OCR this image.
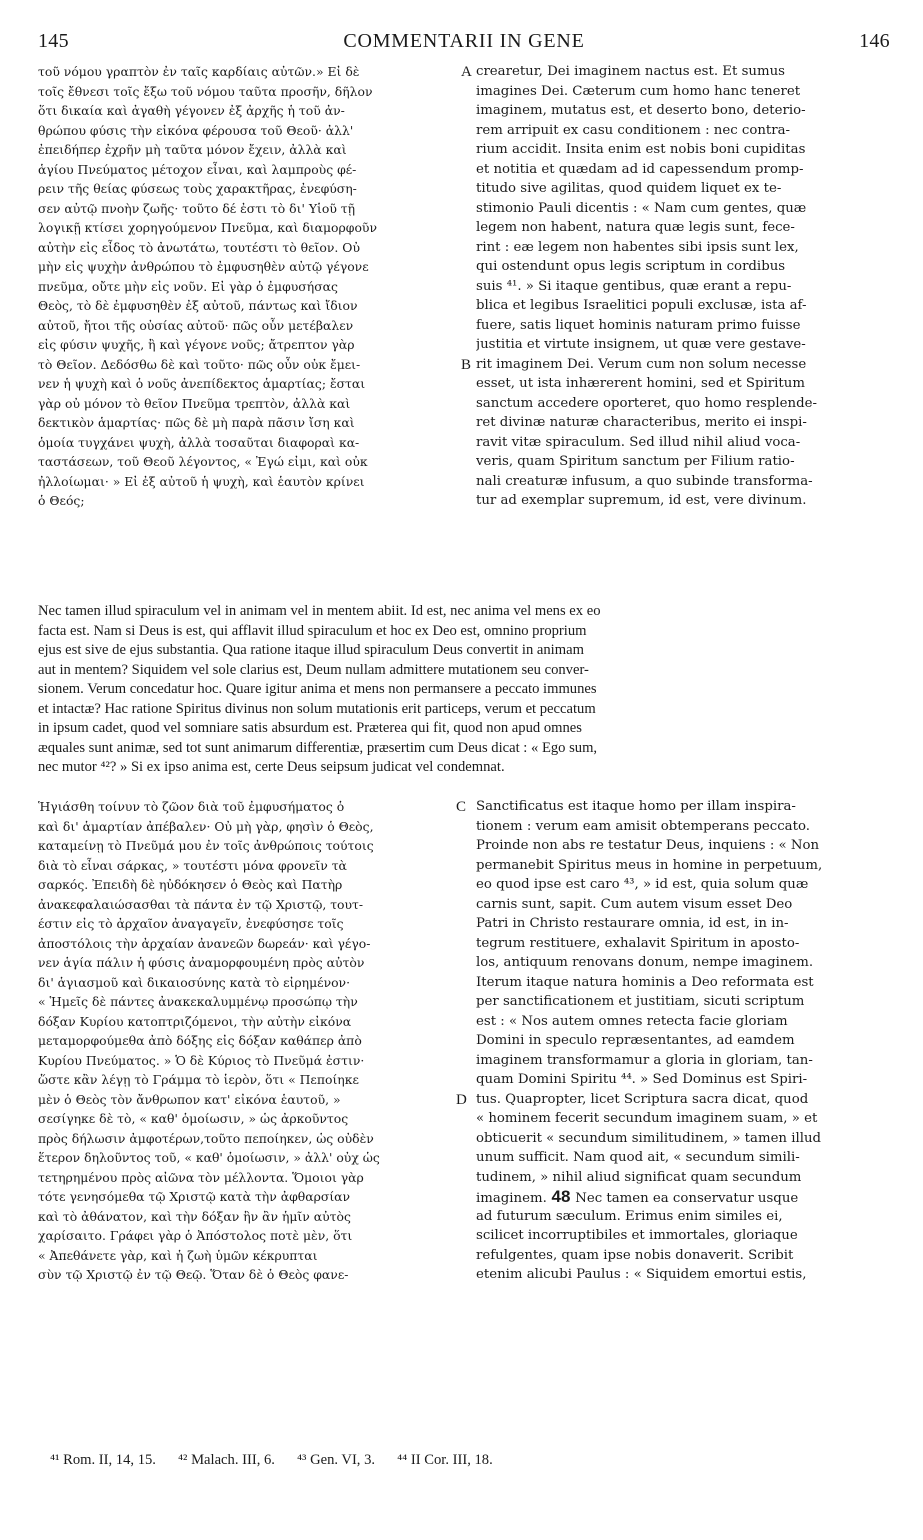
145	COMMENTARII IN GENE	146
τοῦ νόμου γραπτὸν ἐν ταῖς καρδίαις αὐτῶν.» Εἰ δὲ
τοῖς ἔθνεσι τοῖς ἔξω τοῦ νόμου ταῦτα προσῆν, δῆλον
ὅτι δικαία καὶ ἀγαθὴ γέγονεν ἐξ ἀρχῆς ἡ τοῦ ἀν-
θρώπου φύσις τὴν εἰκόνα φέρουσα τοῦ Θεοῦ· ἀλλ'
ἐπειδήπερ ἐχρῆν μὴ ταῦτα μόνον ἔχειν, ἀλλὰ καὶ
ἁγίου Πνεύματος μέτοχον εἶναι, καὶ λαμπροὺς φέ-
ρειν τῆς θείας φύσεως τοὺς χαρακτῆρας, ἐνεφύση-
σεν αὐτῷ πνοὴν ζωῆς· τοῦτο δέ ἐστι τὸ δι' Υἱοῦ τῇ
λογικῇ κτίσει χορηγούμενον Πνεῦμα, καὶ διαμορφοῦν
αὐτὴν εἰς εἶδος τὸ ἀνωτάτω, τουτέστι τὸ θεῖον. Οὐ
μὴν εἰς ψυχὴν ἀνθρώπου τὸ ἐμφυσηθὲν αὐτῷ γέγονε
πνεῦμα, οὔτε μὴν εἰς νοῦν. Εἰ γὰρ ὁ ἐμφυσήσας
Θεὸς, τὸ δὲ ἐμφυσηθὲν ἐξ αὐτοῦ, πάντως καὶ ἴδιον
αὐτοῦ, ἤτοι τῆς οὐσίας αὐτοῦ· πῶς οὖν μετέβαλεν
εἰς φύσιν ψυχῆς, ἢ καὶ γέγονε νοῦς; ἄτρεπτον γὰρ
τὸ Θεῖον. Δεδόσθω δὲ καὶ τοῦτο· πῶς οὖν οὐκ ἔμει-
νεν ἡ ψυχὴ καὶ ὁ νοῦς ἀνεπίδεκτος ἁμαρτίας; ἔσται
γὰρ οὐ μόνον τὸ θεῖον Πνεῦμα τρεπτὸν, ἀλλὰ καὶ
δεκτικὸν ἁμαρτίας· πῶς δὲ μὴ παρὰ πᾶσιν ἴση καὶ
ὁμοία τυγχάνει ψυχὴ, ἀλλὰ τοσαῦται διαφοραὶ κα-
ταστάσεων, τοῦ Θεοῦ λέγοντος, « Ἐγώ εἰμι, καὶ οὐκ
ἠλλοίωμαι· » Εἰ ἐξ αὐτοῦ ἡ ψυχὴ, καὶ ἑαυτὸν κρίνει
ὁ Θεός;
crearetur, Dei imaginem nactus est. Et sumus
imagines Dei. Cæterum cum homo hanc teneret
imaginem, mutatus est, et deserto bono, deterio-
rem arripuit ex casu conditionem : nec contra-
rium accidit. Insita enim est nobis boni cupiditas
et notitia et quædam ad id capessendum promp-
titudo sive agilitas, quod quidem liquet ex te-
stimonio Pauli dicentis : « Nam cum gentes, quæ
legem non habent, natura quæ legis sunt, fece-
rint : eæ legem non habentes sibi ipsis sunt lex,
qui ostendunt opus legis scriptum in cordibus
suis ⁴¹. » Si itaque gentibus, quæ erant a repu-
blica et legibus Israelitici populi exclusæ, ista af-
fuere, satis liquet hominis naturam primo fuisse
justitia et virtute insignem, ut quæ vere gestave-
rit imaginem Dei. Verum cum non solum necesse
esset, ut ista inhærerent homini, sed et Spiritum
sanctum accedere oporteret, quo homo resplende-
ret divinæ naturæ characteribus, merito ei inspi-
ravit vitæ spiraculum. Sed illud nihil aliud voca-
veris, quam Spiritum sanctum per Filium ratio-
nali creaturæ infusum, a quo subinde transforma-
tur ad exemplar supremum, id est, vere divinum.
A
B
Nec tamen illud spiraculum vel in animam vel in mentem abiit. Id est, nec anima vel mens ex eo
facta est. Nam si Deus is est, qui afflavit illud spiraculum et hoc ex Deo est, omnino proprium
ejus est sive de ejus substantia. Qua ratione itaque illud spiraculum Deus convertit in animam
aut in mentem? Siquidem vel sole clarius est, Deum nullam admittere mutationem seu conver-
sionem. Verum concedatur hoc. Quare igitur anima et mens non permansere a peccato immunes
et intactæ? Hac ratione Spiritus divinus non solum mutationis erit particeps, verum et peccatum
in ipsum cadet, quod vel somniare satis absurdum est. Præterea qui fit, quod non apud omnes
æquales sunt animæ, sed tot sunt animarum differentiæ, præsertim cum Deus dicat : « Ego sum,
nec mutor ⁴²? » Si ex ipso anima est, certe Deus seipsum judicat vel condemnat.
Ἡγιάσθη τοίνυν τὸ ζῶον διὰ τοῦ ἐμφυσήματος ὁ
καὶ δι' ἁμαρτίαν ἀπέβαλεν· Οὐ μὴ γὰρ, φησὶν ὁ Θεὸς,
καταμείνῃ τὸ Πνεῦμά μου ἐν τοῖς ἀνθρώποις τούτοις
διὰ τὸ εἶναι σάρκας, » τουτέστι μόνα φρονεῖν τὰ
σαρκός. Ἐπειδὴ δὲ ηὐδόκησεν ὁ Θεὸς καὶ Πατὴρ
ἀνακεφαλαιώσασθαι τὰ πάντα ἐν τῷ Χριστῷ, τουτ-
έστιν εἰς τὸ ἀρχαῖον ἀναγαγεῖν, ἐνεφύσησε τοῖς
ἀποστόλοις τὴν ἀρχαίαν ἀνανεῶν δωρεάν· καὶ γέγο-
νεν ἁγία πάλιν ἡ φύσις ἀναμορφουμένη πρὸς αὐτὸν
δι' ἁγιασμοῦ καὶ δικαιοσύνης κατὰ τὸ εἰρημένον·
« Ἡμεῖς δὲ πάντες ἀνακεκαλυμμένῳ προσώπῳ τὴν
δόξαν Κυρίου κατοπτριζόμενοι, τὴν αὐτὴν εἰκόνα
μεταμορφούμεθα ἀπὸ δόξης εἰς δόξαν καθάπερ ἀπὸ
Κυρίου Πνεύματος. » Ὁ δὲ Κύριος τὸ Πνεῦμά ἐστιν·
ὥστε κἂν λέγῃ τὸ Γράμμα τὸ ἱερὸν, ὅτι « Πεποίηκε
μὲν ὁ Θεὸς τὸν ἄνθρωπον κατ' εἰκόνα ἑαυτοῦ, »
σεσίγηκε δὲ τὸ, « καθ' ὁμοίωσιν, » ὡς ἀρκοῦντος
πρὸς δήλωσιν ἀμφοτέρων,τοῦτο πεποίηκεν, ὡς οὐδὲν
ἕτερον δηλοῦντος τοῦ, « καθ' ὁμοίωσιν, » ἀλλ' οὐχ ὡς
τετηρημένου πρὸς αἰῶνα τὸν μέλλοντα. Ὅμοιοι γὰρ
τότε γενησόμεθα τῷ Χριστῷ κατὰ τὴν ἀφθαρσίαν
καὶ τὸ ἀθάνατον, καὶ τὴν δόξαν ἣν ἂν ἡμῖν αὐτὸς
χαρίσαιτο. Γράφει γὰρ ὁ Ἀπόστολος ποτὲ μὲν, ὅτι
« Ἀπεθάνετε γὰρ, καὶ ἡ ζωὴ ὑμῶν κέκρυπται
σὺν τῷ Χριστῷ ἐν τῷ Θεῷ. Ὅταν δὲ ὁ Θεὸς φανε-
Sanctificatus est itaque homo per illam inspira-
tionem : verum eam amisit obtemperans peccato.
Proinde non abs re testatur Deus, inquiens : « Non
permanebit Spiritus meus in homine in perpetuum,
eo quod ipse est caro ⁴³, » id est, quia solum quæ
carnis sunt, sapit. Cum autem visum esset Deo
Patri in Christo restaurare omnia, id est, in in-
tegrum restituere, exhalavit Spiritum in aposto-
los, antiquum renovans donum, nempe imaginem.
Iterum itaque natura hominis a Deo reformata est
per sanctificationem et justitiam, sicuti scriptum
est : « Nos autem omnes retecta facie gloriam
Domini in speculo repræsentantes, ad eamdem
imaginem transformamur a gloria in gloriam, tan-
quam Domini Spiritu ⁴⁴. » Sed Dominus est Spiri-
tus. Quapropter, licet Scriptura sacra dicat, quod
« hominem fecerit secundum imaginem suam, » et
obticuerit « secundum similitudinem, » tamen illud
unum sufficit. Nam quod ait, « secundum simili-
tudinem, » nihil aliud significat quam secundum
imaginem. 48 Nec tamen ea conservatur usque
ad futurum sæculum. Erimus enim similes ei,
scilicet incorruptibiles et immortales, gloriaque
refulgentes, quam ipse nobis donaverit. Scribit
etenim alicubi Paulus : « Siquidem emortui estis,
C
D
⁴¹ Rom. II, 14, 15. ⁴² Malach. III, 6. ⁴³ Gen. VI, 3. ⁴⁴ II Cor. III, 18.
